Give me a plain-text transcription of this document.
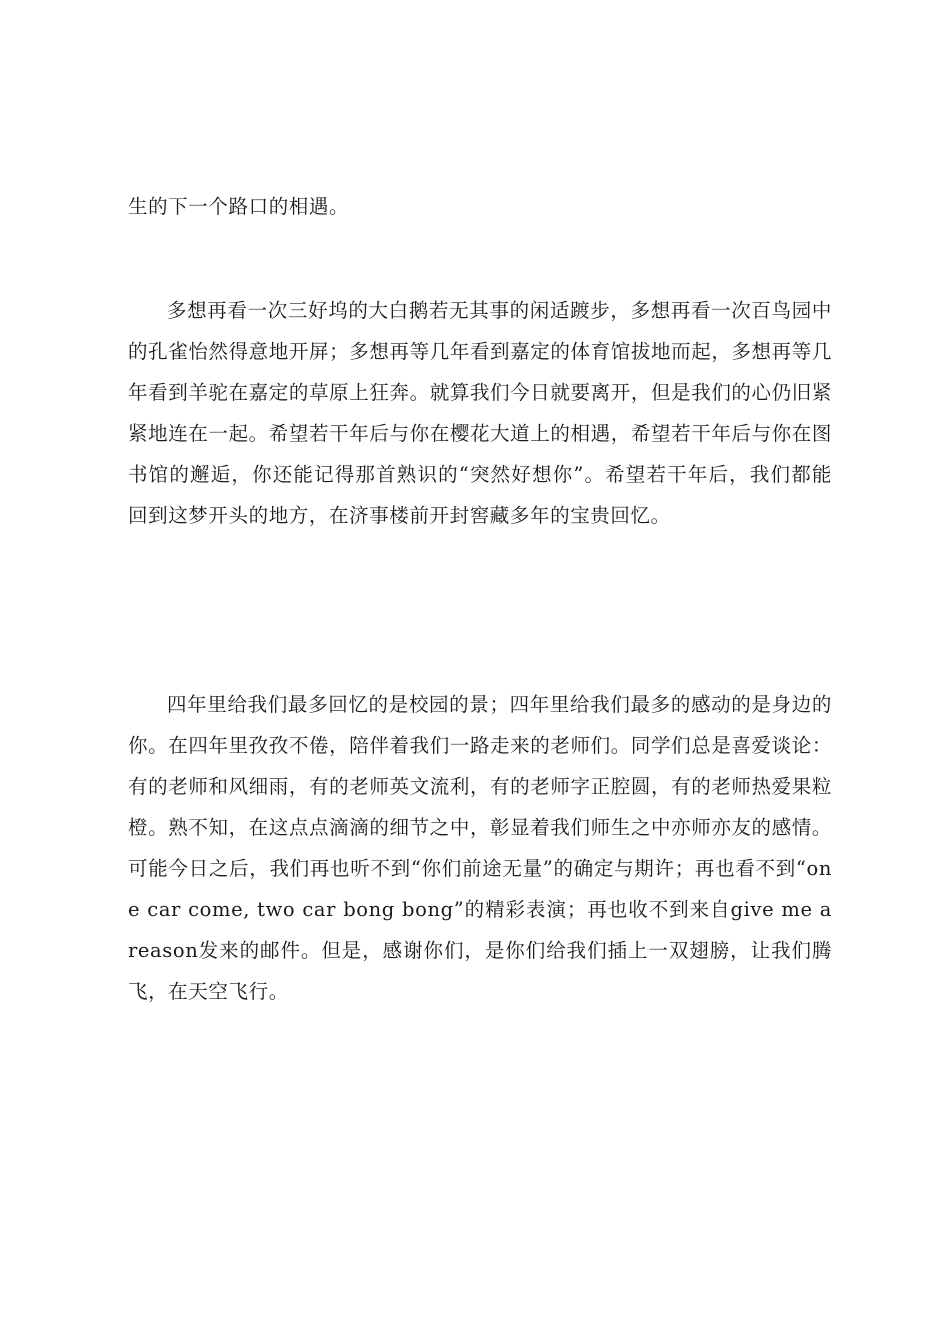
生的下一个路口的相遇。

多想再看一次三好坞的大白鹅若无其事的闲适踱步，多想再看一次百鸟园中的孔雀怡然得意地开屏；多想再等几年看到嘉定的体育馆拔地而起，多想再等几年看到羊驼在嘉定的草原上狂奔。就算我们今日就要离开，但是我们的心仍旧紧紧地连在一起。希望若干年后与你在樱花大道上的相遇，希望若干年后与你在图书馆的邂逅，你还能记得那首熟识的“突然好想你”。希望若干年后，我们都能回到这梦开头的地方，在济事楼前开封窖藏多年的宝贵回忆。

四年里给我们最多回忆的是校园的景；四年里给我们最多的感动的是身边的你。在四年里孜孜不倦，陪伴着我们一路走来的老师们。同学们总是喜爱谈论：有的老师和风细雨，有的老师英文流利，有的老师字正腔圆，有的老师热爱果粒橙。熟不知，在这点点滴滴的细节之中，彰显着我们师生之中亦师亦友的感情。可能今日之后，我们再也听不到“你们前途无量”的确定与期许；再也看不到“one car come, two car bong bong”的精彩表演；再也收不到来自give me a reason发来的邮件。但是，感谢你们，是你们给我们插上一双翅膀，让我们腾飞，在天空飞行。
